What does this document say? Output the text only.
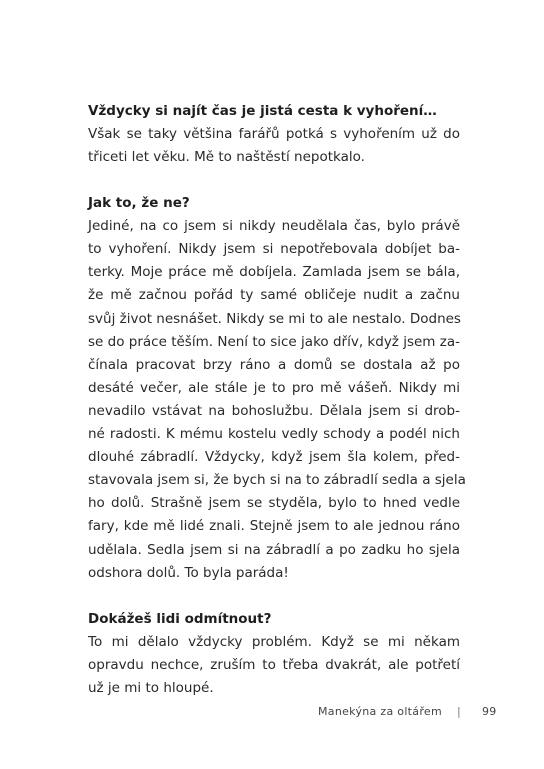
Vždycky si najít čas je jistá cesta k vyhoření…

Však se taky většina farářů potká s vyhořením už do
třiceti let věku. Mě to naštěstí nepotkalo.

Jak to, že ne?

Jediné, na co jsem si nikdy neudělala čas, bylo právě
to vyhoření. Nikdy jsem si nepotřebovala dobíjet ba-
terky. Moje práce mě dobíjela. Zamlada jsem se bála,
že mě začnou pořád ty samé obličeje nudit a začnu
svůj život nesnášet. Nikdy se mi to ale nestalo. Dodnes
se do práce těším. Není to sice jako dřív, když jsem za-
čínala pracovat brzy ráno a domů se dostala až po
desáté večer, ale stále je to pro mě vášeň. Nikdy mi
nevadilo vstávat na bohoslužbu. Dělala jsem si drob-
né radosti. K mému kostelu vedly schody a podél nich
dlouhé zábradlí. Vždycky, když jsem šla kolem, před-
stavovala jsem si, že bych si na to zábradlí sedla a sjela
ho dolů. Strašně jsem se styděla, bylo to hned vedle
fary, kde mě lidé znali. Stejně jsem to ale jednou ráno
udělala. Sedla jsem si na zábradlí a po zadku ho sjela
odshora dolů. To byla paráda!

Dokážeš lidi odmítnout?

To mi dělalo vždycky problém. Když se mi někam
opravdu nechce, zruším to třeba dvakrát, ale potřetí
už je mi to hloupé.

Manekýna za oltářem | 99
